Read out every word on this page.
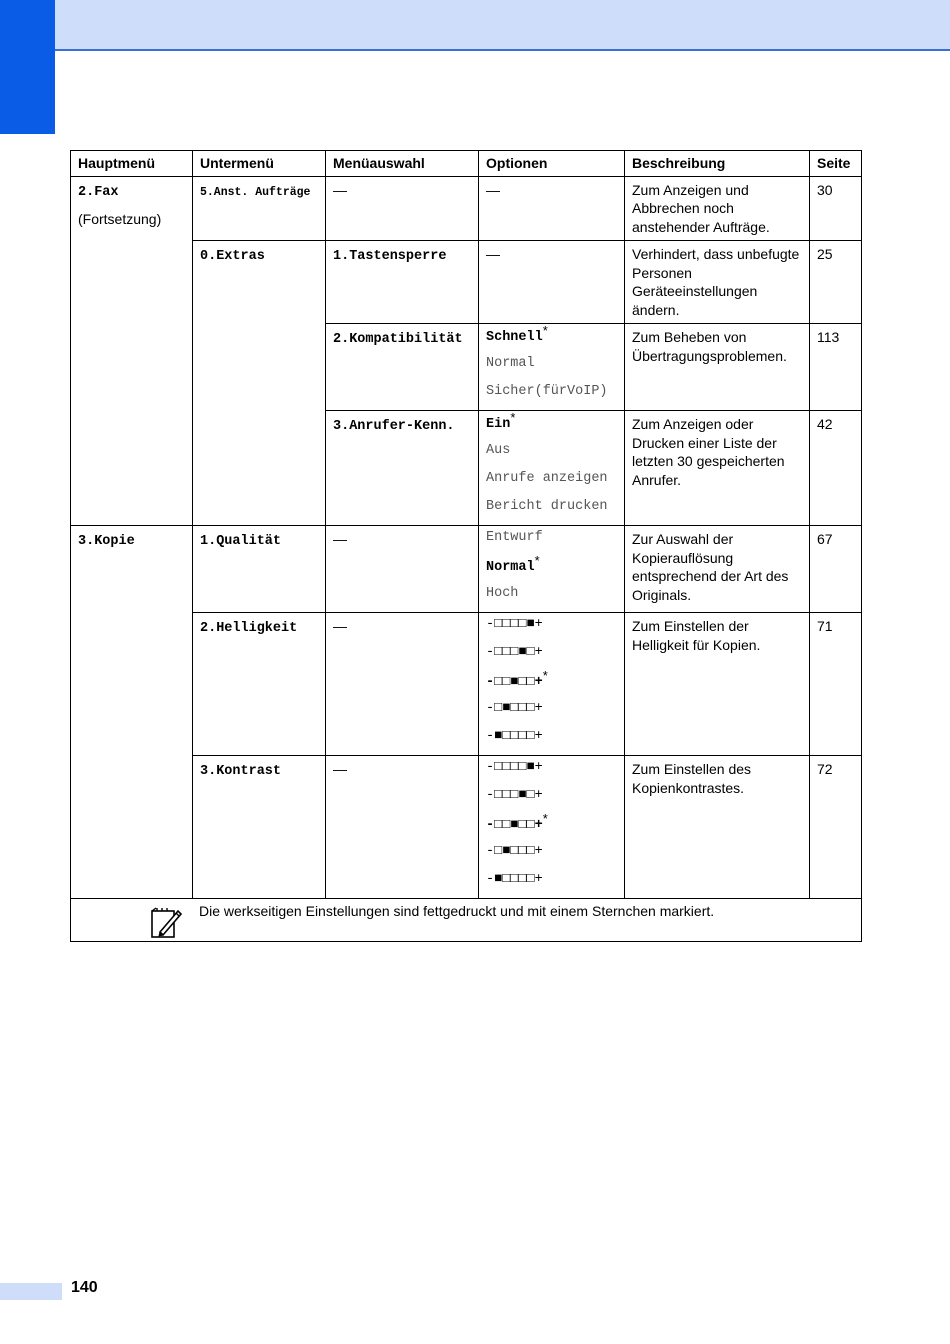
Hauptmenü	Untermenü	Menüauswahl	Optionen	Beschreibung	Seite
2.Fax
(Fortsetzung)	5.Anst. Aufträge	—	—	Zum Anzeigen und Abbrechen noch anstehender Aufträge.	30
	0.Extras	1.Tastensperre	—	Verhindert, dass unbefugte Personen Geräteeinstellungen ändern.	25
		2.Kompatibilität	Schnell*
Normal
Sicher(fürVoIP)	Zum Beheben von Übertragungsproblemen.	113
		3.Anrufer-Kenn.	Ein*
Aus
Anrufe anzeigen
Bericht drucken	Zum Anzeigen oder Drucken einer Liste der letzten 30 gespeicherten Anrufer.	42
3.Kopie	1.Qualität	—	Entwurf
Normal*
Hoch	Zur Auswahl der Kopierauflösung entsprechend der Art des Originals.	67
	2.Helligkeit	—	-□□□□■+
-□□□■□+
-□□■□□+*
-□■□□□+
-■□□□□+	Zum Einstellen der Helligkeit für Kopien.	71
	3.Kontrast	—	-□□□□■+
-□□□■□+
-□□■□□+*
-□■□□□+
-■□□□□+	Zum Einstellen des Kopienkontrastes.	72

Die werkseitigen Einstellungen sind fettgedruckt und mit einem Sternchen markiert.					
140
